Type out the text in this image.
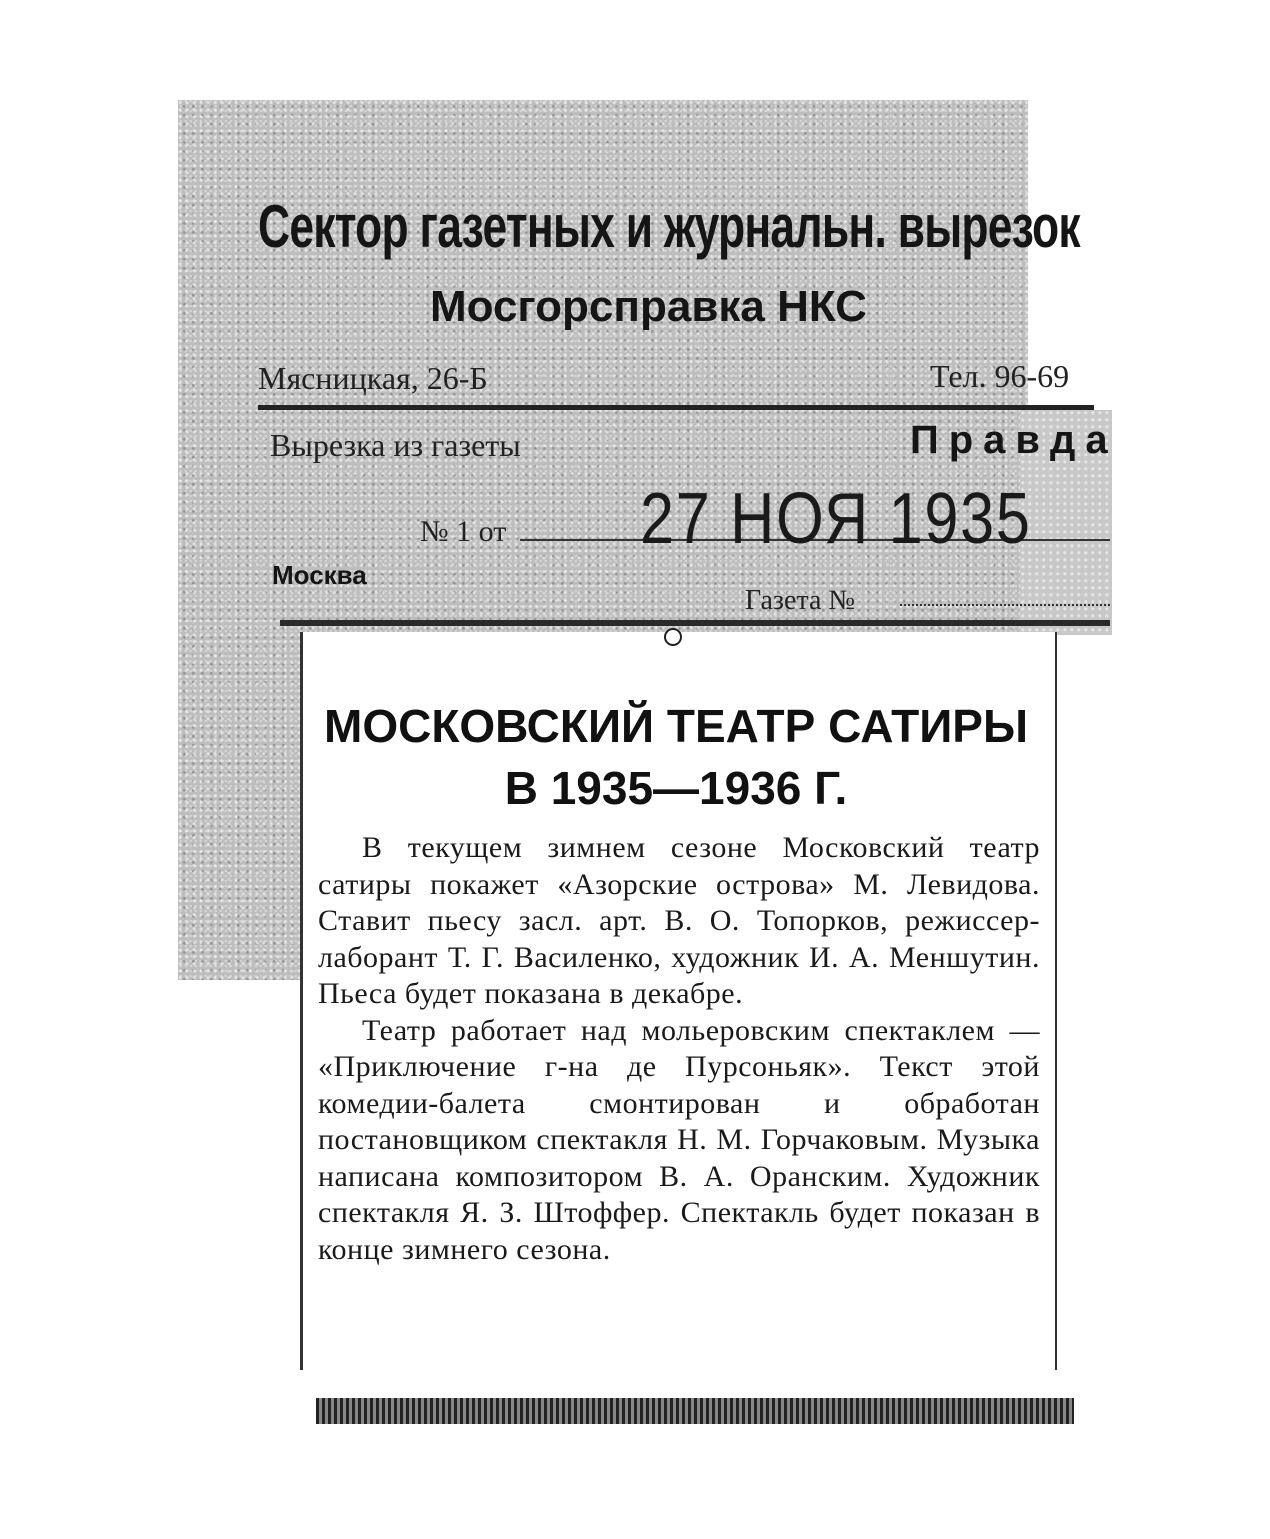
Сектор газетных и журнальн. вырезок
Мосгорсправка НКС
Мясницкая, 26-Б	Тел. 96-69
Вырезка из газеты	Правда
№ 1 от 27 НОЯ 1935
Москва
Газета №
МОСКОВСКИЙ ТЕАТР САТИРЫ
В 1935—1936 Г.

В текущем зимнем сезоне Московский театр сатиры покажет «Азорские острова» М. Левидова. Ставит пьесу засл. арт. В. О. Топорков, режиссер-лаборант Т. Г. Василенко, художник И. А. Меншутин. Пьеса будет показана в декабре.

Театр работает над мольеровским спектаклем — «Приключение г-на де Пурсоньяк». Текст этой комедии-балета смонтирован и обработан постановщиком спектакля Н. М. Горчаковым. Музыка написана композитором В. А. Оранским. Художник спектакля Я. З. Штоффер. Спектакль будет показан в конце зимнего сезона.
